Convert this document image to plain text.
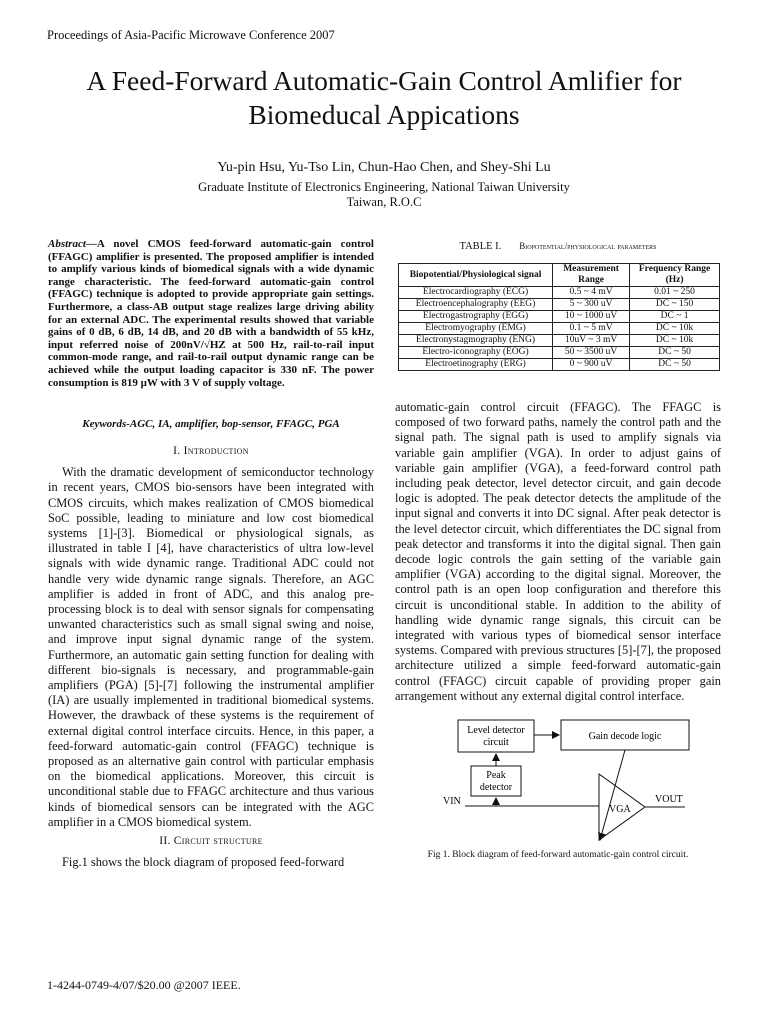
Proceedings of Asia-Pacific Microwave Conference 2007
A Feed-Forward Automatic-Gain Control Amlifier for Biomeducal Appications
Yu-pin Hsu, Yu-Tso Lin, Chun-Hao Chen, and Shey-Shi Lu
Graduate Institute of Electronics Engineering, National Taiwan University
Taiwan, R.O.C
Abstract—A novel CMOS feed-forward automatic-gain control (FFAGC) amplifier is presented. The proposed amplifier is intended to amplify various kinds of biomedical signals with a wide dynamic range characteristic. The feed-forward automatic-gain control (FFAGC) technique is adopted to provide appropriate gain settings. Furthermore, a class-AB output stage realizes large driving ability for an external ADC. The experimental results showed that variable gains of 0 dB, 6 dB, 14 dB, and 20 dB with a bandwidth of 55 kHz, input referred noise of 200nV/√HZ at 500 Hz, rail-to-rail input common-mode range, and rail-to-rail output dynamic range can be achieved while the output loading capacitor is 330 nF. The power consumption is 819 μW with 3 V of supply voltage.
Keywords-AGC, IA, amplifier, bop-sensor, FFAGC, PGA
I. Introduction

With the dramatic development of semiconductor technology in recent years, CMOS bio-sensors have been integrated with CMOS circuits, which makes realization of CMOS biomedical SoC possible, leading to miniature and low cost biomedical systems [1]-[3]. Biomedical or physiological signals, as illustrated in table I [4], have characteristics of ultra low-level signals with wide dynamic range. Traditional ADC could not handle very wide dynamic range signals. Therefore, an AGC amplifier is added in front of ADC, and this analog pre-processing block is to deal with sensor signals for compensating unwanted characteristics such as small signal swing and noise, and improve input signal dynamic range of the system. Furthermore, an automatic gain setting function for dealing with different bio-signals is necessary, and programmable-gain amplifiers (PGA) [5]-[7] following the instrumental amplifier (IA) are usually implemented in traditional biomedical systems. However, the drawback of these systems is the requirement of external digital control interface circuits. Hence, in this paper, a feed-forward automatic-gain control (FFAGC) technique is proposed as an alternative gain control with particular emphasis on the biomedical applications. Moreover, this circuit is unconditional stable due to FFAGC architecture and thus various kinds of biomedical sensors can be integrated with the AGC amplifier in a CMOS biomedical system.

II. Circuit structure

Fig.1 shows the block diagram of proposed feed-forward

TABLE I. Biopotential/physiological parameters
Biopotential/Physiological signal	Measurement Range	Frequency Range (Hz)
Electrocardiography (ECG)	0.5 ~ 4 mV	0.01 ~ 250
Electroencephalography (EEG)	5 ~ 300 uV	DC ~ 150
Electrogastrography (EGG)	10 ~ 1000 uV	DC ~ 1
Electromyography (EMG)	0.1 ~ 5 mV	DC ~ 10k
Electronystagmography (ENG)	10uV ~ 3 mV	DC ~ 10k
Electro-iconography (EOG)	50 ~ 3500 uV	DC ~ 50
Electroetinography (ERG)	0 ~ 900 uV	DC ~ 50
automatic-gain control circuit (FFAGC). The FFAGC is composed of two forward paths, namely the control path and the signal path. The signal path is used to amplify signals via variable gain amplifier (VGA). In order to adjust gains of variable gain amplifier (VGA), a feed-forward control path including peak detector, level detector circuit, and gain decode logic is adopted. The peak detector detects the amplitude of the input signal and converts it into DC signal. After peak detector is the level detector circuit, which differentiates the DC signal from peak detector and transforms it into the digital signal. Then gain decode logic controls the gain setting of the variable gain amplifier (VGA) according to the digital signal. Moreover, the control path is an open loop configuration and therefore this circuit is unconditional stable. In addition to the ability of handling wide dynamic range signals, this circuit can be integrated with various types of biomedical sensor interface systems. Compared with previous structures [5]-[7], the proposed architecture utilized a simple feed-forward automatic-gain control (FFAGC) circuit capable of providing proper gain arrangement without any external digital control interface.
Level detector
circuit
Gain decode logic
Peak
detector
VIN
VGA
VOUT
Fig 1. Block diagram of feed-forward automatic-gain control circuit.
1-4244-0749-4/07/$20.00 @2007 IEEE.
